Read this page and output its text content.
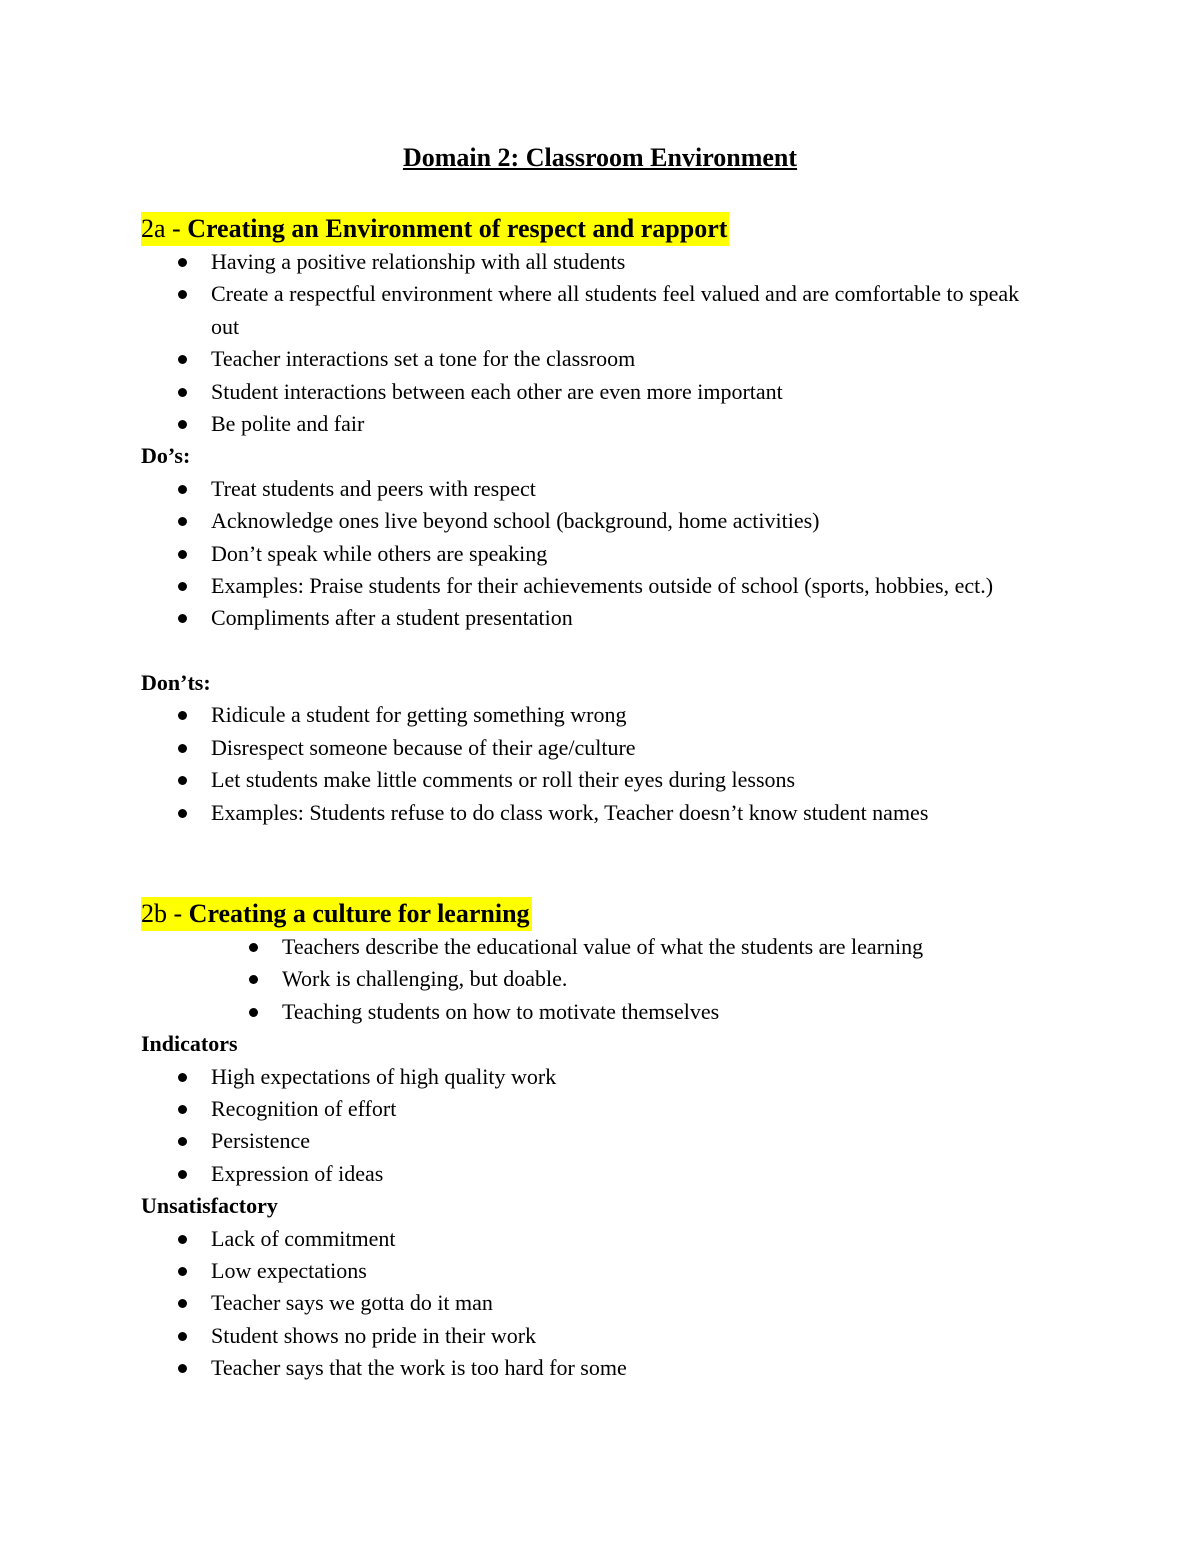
Domain 2: Classroom Environment
2a - Creating an Environment of respect and rapport
Having a positive relationship with all students
Create a respectful environment where all students feel valued and are comfortable to speak out
Teacher interactions set a tone for the classroom
Student interactions between each other are even more important
Be polite and fair
Do’s:
Treat students and peers with respect
Acknowledge ones live beyond school (background, home activities)
Don’t speak while others are speaking
Examples: Praise students for their achievements outside of school (sports, hobbies, ect.)
Compliments after a student presentation
Don’ts:
Ridicule a student for getting something wrong
Disrespect someone because of their age/culture
Let students make little comments or roll their eyes during lessons
Examples: Students refuse to do class work, Teacher doesn’t know student names
2b - Creating a culture for learning
Teachers describe the educational value of what the students are learning
Work is challenging, but doable.
Teaching students on how to motivate themselves
Indicators
High expectations of high quality work
Recognition of effort
Persistence
Expression of ideas
Unsatisfactory
Lack of commitment
Low expectations
Teacher says we gotta do it man
Student shows no pride in their work
Teacher says that the work is too hard for some
